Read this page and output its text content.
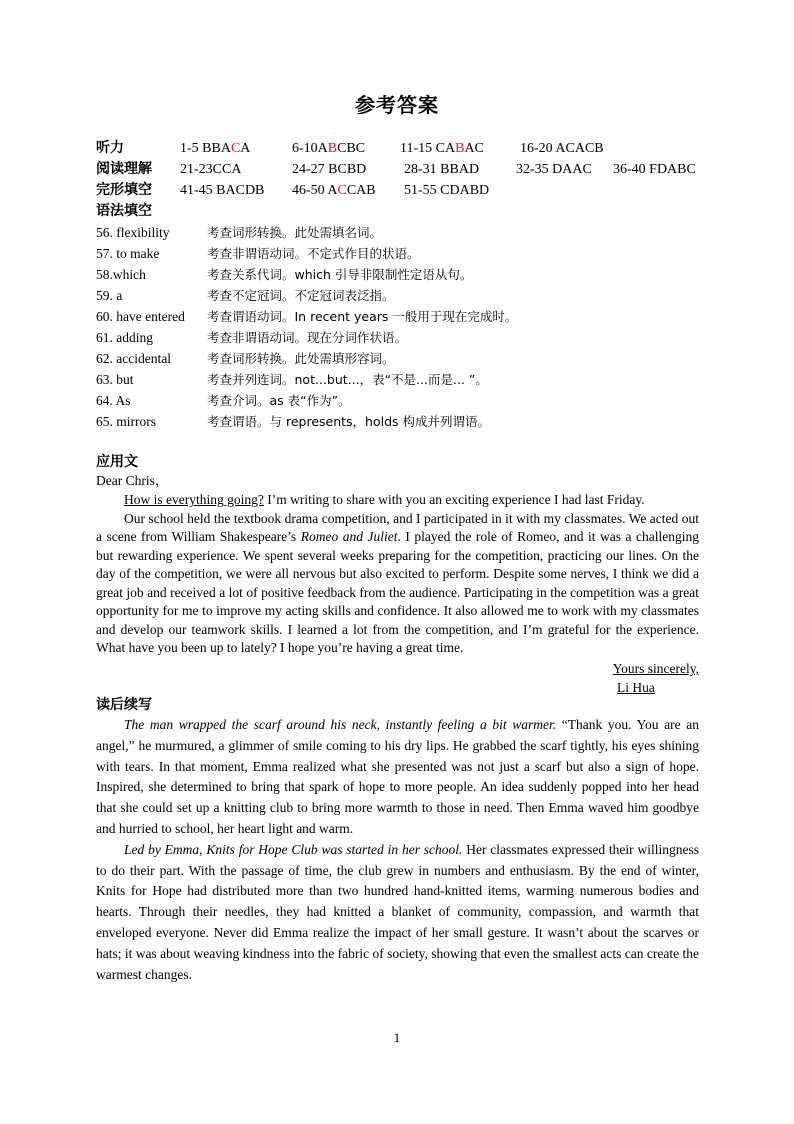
参考答案
听力	1-5 BBACA	6-10ABCBC 11-15 CABAC	16-20 ACACB
阅读理解 21-23CCA	24-27 BCBD	28-31 BBAD	32-35 DAAC 36-40 FDABC
完形填空 41-45 BACDB 46-50 ACCAB 51-55 CDABD
语法填空
56. flexibility	考查词形转换。此处需填名词。
57. to make	考查非谓语动词。不定式作目的状语。
58.which	考查关系代词。which 引导非限制性定语从句。
59. a	考查不定冠词。不定冠词表泛指。
60. have entered 考查谓语动词。In recent years 一般用于现在完成时。
61. adding	考查非谓语动词。现在分词作状语。
62. accidental	考查词形转换。此处需填形容词。
63. but	考查并列连词。not...but...，表“不是...而是... ”。
64. As	考查介词。as 表“作为”。
65. mirrors	考查谓语。与 represents，holds 构成并列谓语。
应用文
Dear Chris，

How is everything going? I’m writing to share with you an exciting experience I had last Friday.

Our school held the textbook drama competition, and I participated in it with my classmates. We acted out a scene from William Shakespeare’s Romeo and Juliet. I played the role of Romeo, and it was a challenging but rewarding experience. We spent several weeks preparing for the competition, practicing our lines. On the day of the competition, we were all nervous but also excited to perform. Despite some nerves, I think we did a great job and received a lot of positive feedback from the audience. Participating in the competition was a great opportunity for me to improve my acting skills and confidence. It also allowed me to work with my classmates and develop our teamwork skills. I learned a lot from the competition, and I’m grateful for the experience. What have you been up to lately? I hope you’re having a great time.

Yours sincerely,
Li Hua
读后续写

The man wrapped the scarf around his neck, instantly feeling a bit warmer. “Thank you. You are an angel,” he murmured, a glimmer of smile coming to his dry lips. He grabbed the scarf tightly, his eyes shining with tears. In that moment, Emma realized what she presented was not just a scarf but also a sign of hope. Inspired, she determined to bring that spark of hope to more people. An idea suddenly popped into her head that she could set up a knitting club to bring more warmth to those in need. Then Emma waved him goodbye and hurried to school, her heart light and warm.

Led by Emma, Knits for Hope Club was started in her school. Her classmates expressed their willingness to do their part. With the passage of time, the club grew in numbers and enthusiasm. By the end of winter, Knits for Hope had distributed more than two hundred hand-knitted items, warming numerous bodies and hearts. Through their needles, they had knitted a blanket of community, compassion, and warmth that enveloped everyone. Never did Emma realize the impact of her small gesture. It wasn’t about the scarves or hats; it was about weaving kindness into the fabric of society, showing that even the smallest acts can create the warmest changes.

1
